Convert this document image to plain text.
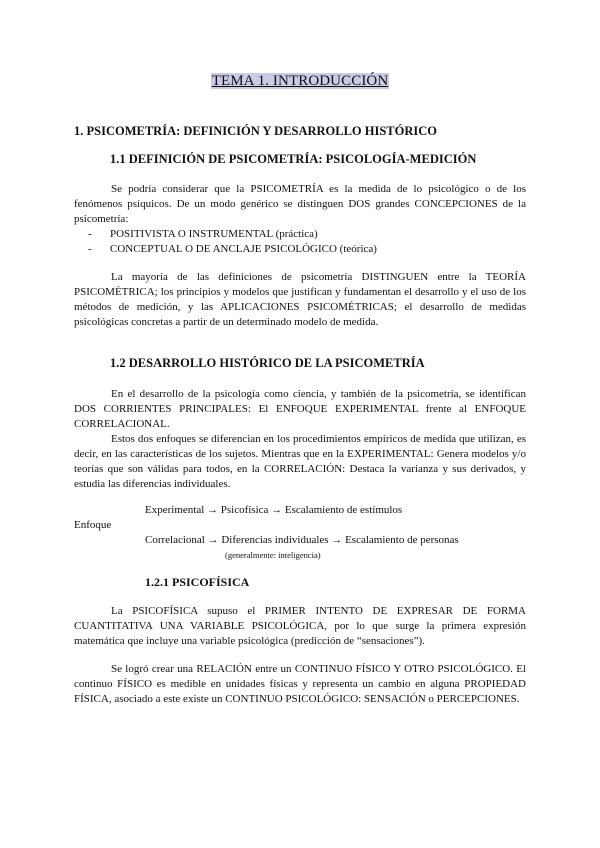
TEMA 1. INTRODUCCIÓN
1. PSICOMETRÍA: DEFINICIÓN Y DESARROLLO HISTÓRICO
1.1 DEFINICIÓN DE PSICOMETRÍA: PSICOLOGÍA-MEDICIÓN

Se podría considerar que la PSICOMETRÍA es la medida de lo psicológico o de los fenómenos psíquicos. De un modo genérico se distinguen DOS grandes CONCEPCIONES de la psicometría:

- POSITIVISTA O INSTRUMENTAL (práctica)
- CONCEPTUAL O DE ANCLAJE PSICOLÓGICO (teórica)

La mayoría de las definiciones de psicometría DISTINGUEN entre la TEORÍA PSICOMÉTRICA; los principios y modelos que justifican y fundamentan el desarrollo y el uso de los métodos de medición, y las APLICACIONES PSICOMÉTRICAS; el desarrollo de medidas psicológicas concretas a partir de un determinado modelo de medida.

1.2 DESARROLLO HISTÓRICO DE LA PSICOMETRÍA

En el desarrollo de la psicología como ciencia, y también de la psicometría, se identifican DOS CORRIENTES PRINCIPALES: El ENFOQUE EXPERIMENTAL frente al ENFOQUE CORRELACIONAL.

Estos dos enfoques se diferencian en los procedimientos empíricos de medida que utilizan, es decir, en las características de los sujetos. Mientras que en la EXPERIMENTAL: Genera modelos y/o teorías que son válidas para todos, en la CORRELACIÓN: Destaca la varianza y sus derivados, y estudia las diferencias individuales.

Experimental → Psicofísica → Escalamiento de estímulos
Enfoque
Correlacional → Diferencias individuales → Escalamiento de personas
(generalmente: inteligencia)
1.2.1 PSICOFÍSICA

La PSICOFÍSICA supuso el PRIMER INTENTO DE EXPRESAR DE FORMA CUANTITATIVA UNA VARIABLE PSICOLÓGICA, por lo que surge la primera expresión matemática que incluye una variable psicológica (predicción de “sensaciones”).

Se logró crear una RELACIÓN entre un CONTINUO FÍSICO Y OTRO PSICOLÓGICO. El continuo FÍSICO es medible en unidades físicas y representa un cambio en alguna PROPIEDAD FÍSICA, asociado a este existe un CONTINUO PSICOLÓGICO: SENSACIÓN o PERCEPCIONES.
